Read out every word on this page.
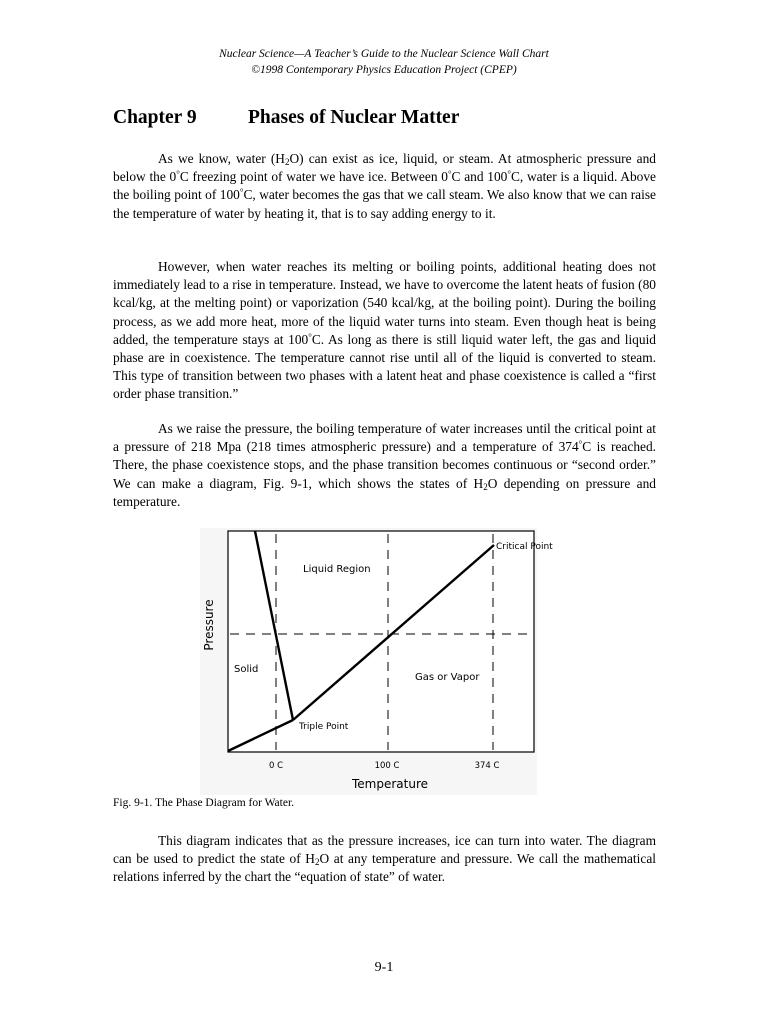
Nuclear Science—A Teacher’s Guide to the Nuclear Science Wall Chart
©1998 Contemporary Physics Education Project (CPEP)
Chapter 9	Phases of Nuclear Matter

As we know, water $(H_2O)$ can exist as ice, liquid, or steam. At atmospheric pressure and below the 0°C freezing point of water we have ice. Between 0°C and 100°C, water is a liquid. Above the boiling point of 100°C, water becomes the gas that we call steam. We also know that we can raise the temperature of water by heating it, that is to say adding energy to it.

However, when water reaches its melting or boiling points, additional heating does not immediately lead to a rise in temperature. Instead, we have to overcome the latent heats of fusion (80 kcal/kg, at the melting point) or vaporization (540 kcal/kg, at the boiling point). During the boiling process, as we add more heat, more of the liquid water turns into steam. Even though heat is being added, the temperature stays at 100°C. As long as there is still liquid water left, the gas and liquid phase are in coexistence. The temperature cannot rise until all of the liquid is converted to steam. This type of transition between two phases with a latent heat and phase coexistence is called a “first order phase transition.”

As we raise the pressure, the boiling temperature of water increases until the critical point at a pressure of 218 Mpa (218 times atmospheric pressure) and a temperature of 374°C is reached. There, the phase coexistence stops, and the phase transition becomes continuous or “second order.” We can make a diagram, Fig. 9-1, which shows the states of $H_2O$ depending on pressure and temperature.

Critical Point
Liquid Region
Solid
Gas or Vapor
Triple Point
0 C	100 C	374 C
Temperature
Pressure
Fig. 9-1. The Phase Diagram for Water.

This diagram indicates that as the pressure increases, ice can turn into water. The diagram can be used to predict the state of $H_2O$ at any temperature and pressure. We call the mathematical relations inferred by the chart the “equation of state” of water.

9-1
